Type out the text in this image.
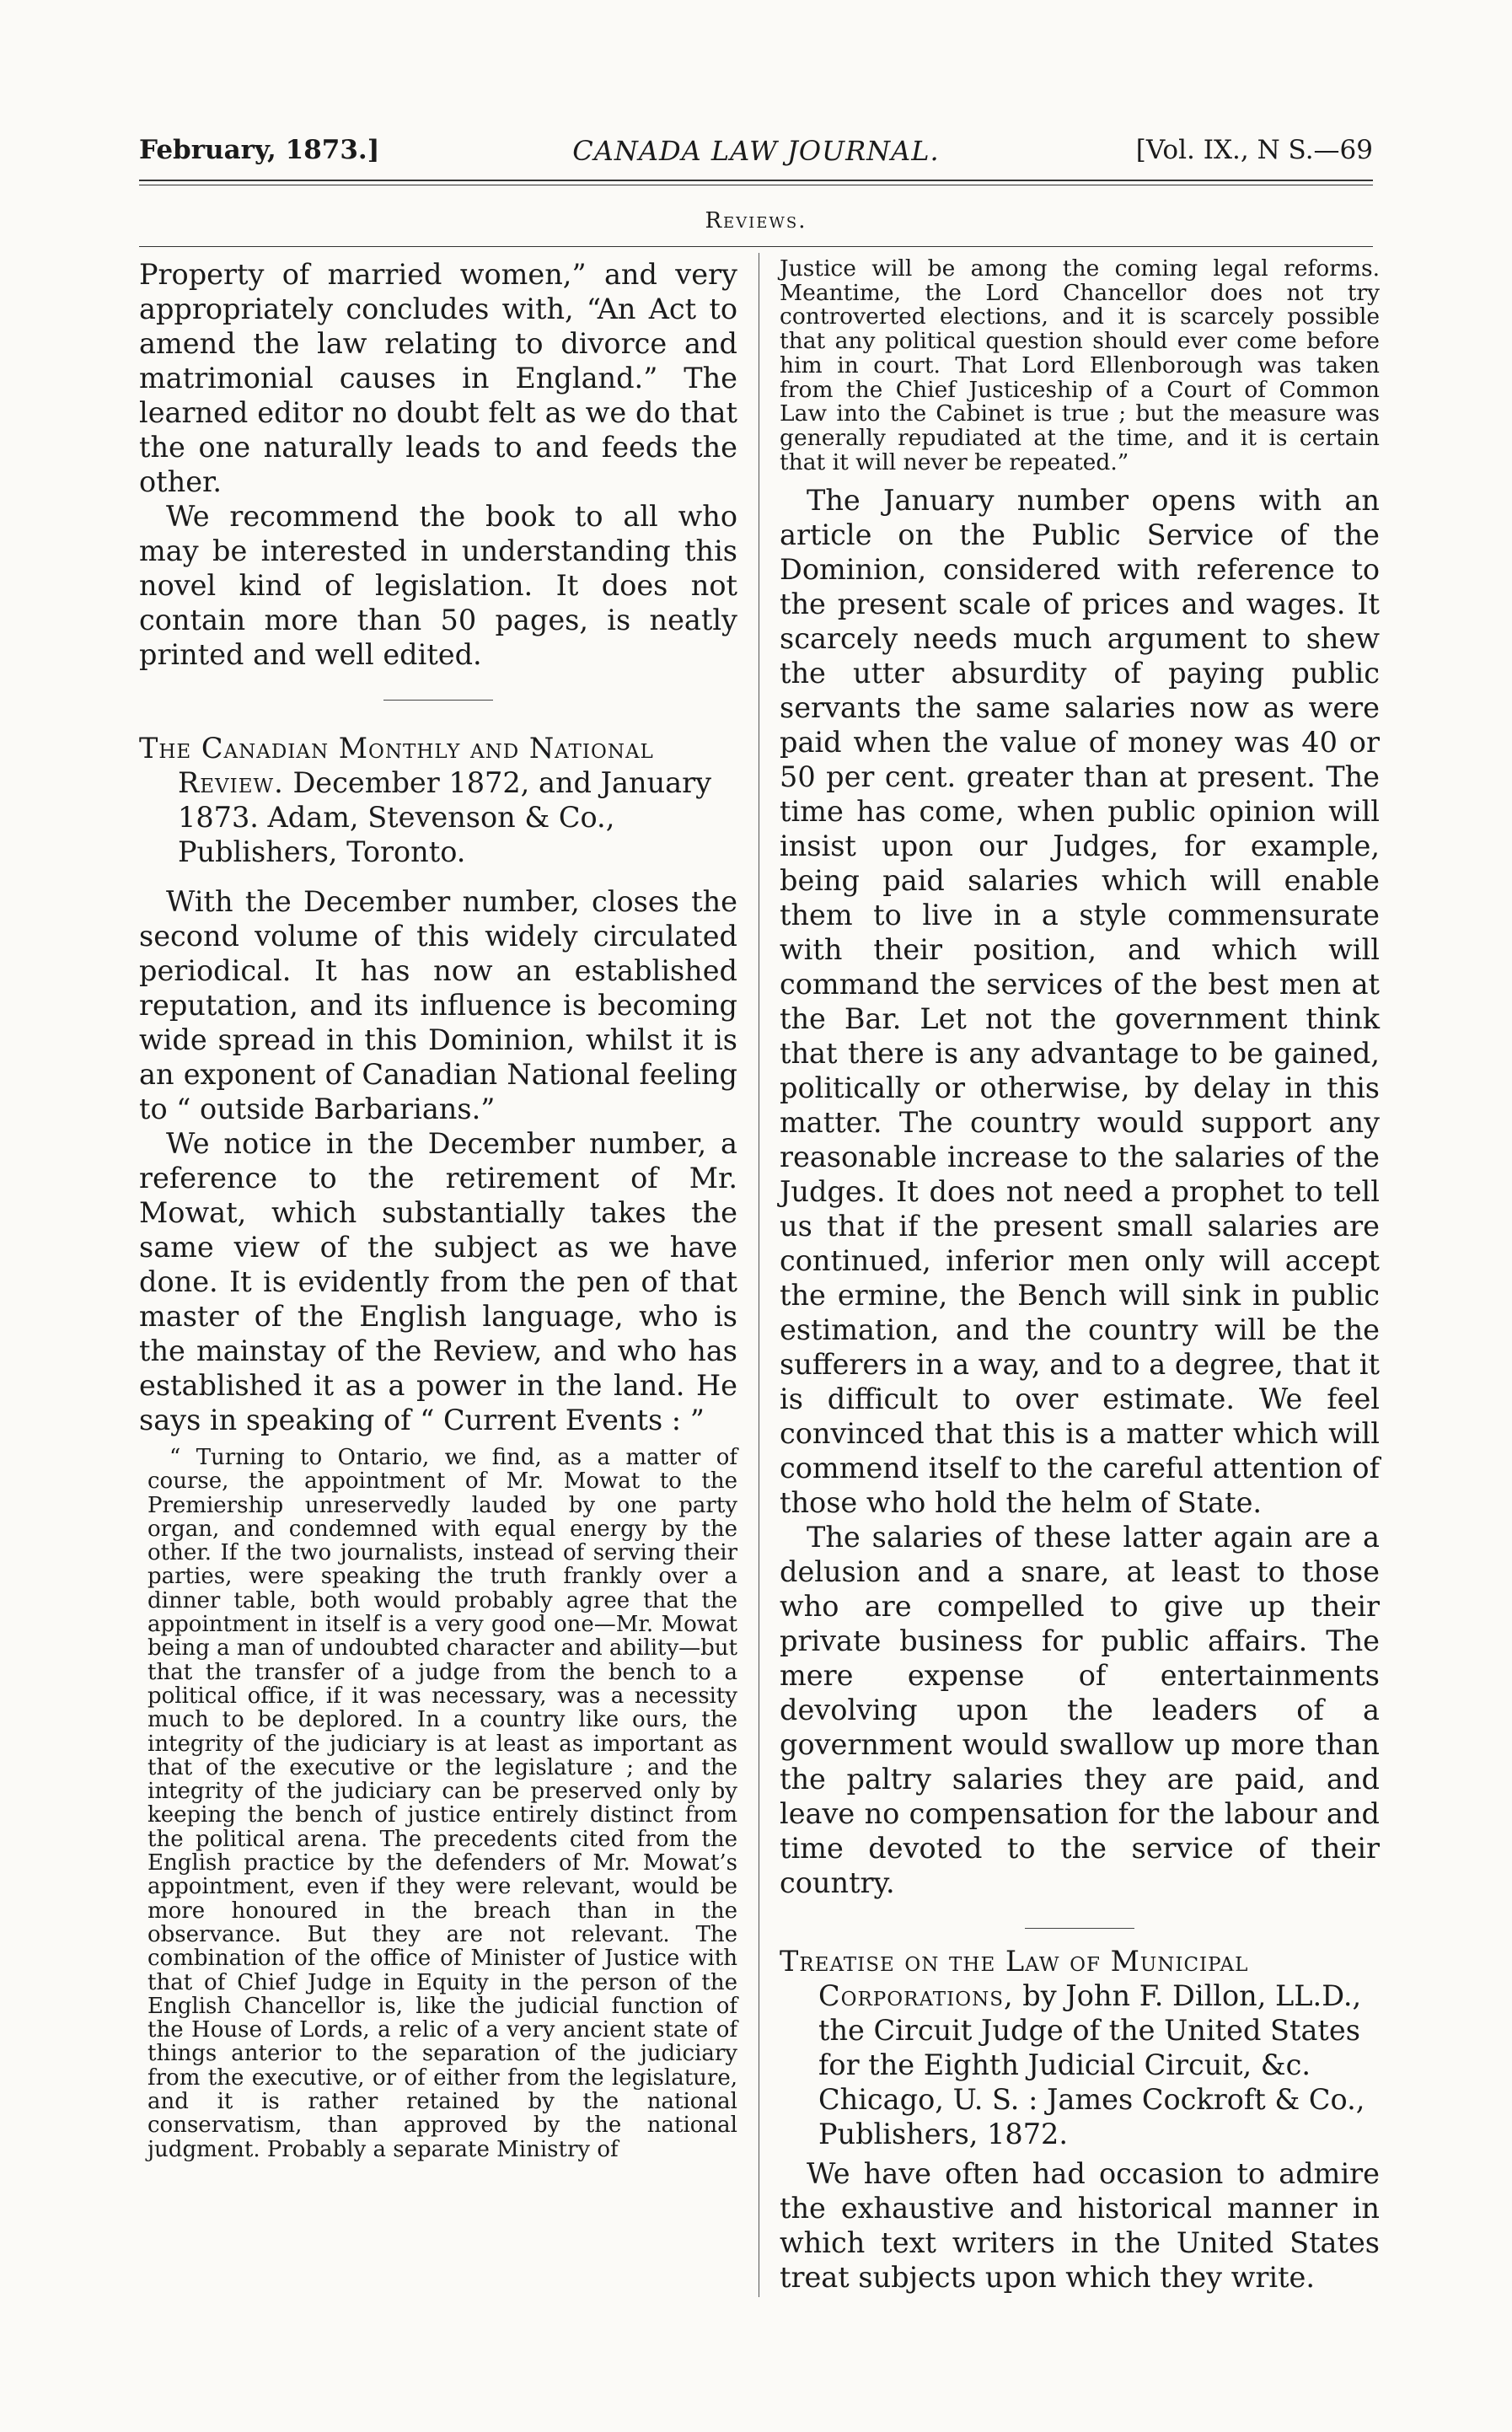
February, 1873.]	CANADA LAW JOURNAL.	[Vol. IX., N S.—69
Reviews.

Property of married women,” and very appropriately concludes with, “An Act to amend the law relating to divorce and matrimonial causes in England.” The learned editor no doubt felt as we do that the one naturally leads to and feeds the other.

We recommend the book to all who may be interested in understanding this novel kind of legislation. It does not contain more than 50 pages, is neatly printed and well edited.

The Canadian Monthly and National Review. December 1872, and January 1873. Adam, Stevenson & Co., Publishers, Toronto.

With the December number, closes the second volume of this widely circulated periodical. It has now an established reputation, and its influence is becoming wide spread in this Dominion, whilst it is an exponent of Canadian National feeling to “ outside Barbarians.”

We notice in the December number, a reference to the retirement of Mr. Mowat, which substantially takes the same view of the subject as we have done. It is evidently from the pen of that master of the English language, who is the mainstay of the Review, and who has established it as a power in the land. He says in speaking of “ Current Events : ”

“ Turning to Ontario, we find, as a matter of course, the appointment of Mr. Mowat to the Premiership unreservedly lauded by one party organ, and condemned with equal energy by the other. If the two journalists, instead of serving their parties, were speaking the truth frankly over a dinner table, both would probably agree that the appointment in itself is a very good one—Mr. Mowat being a man of undoubted character and ability—but that the transfer of a judge from the bench to a political office, if it was necessary, was a necessity much to be deplored. In a country like ours, the integrity of the judiciary is at least as important as that of the executive or the legislature ; and the integrity of the judiciary can be preserved only by keeping the bench of justice entirely distinct from the political arena. The precedents cited from the English practice by the defenders of Mr. Mowat’s appointment, even if they were relevant, would be more honoured in the breach than in the observance. But they are not relevant. The combination of the office of Minister of Justice with that of Chief Judge in Equity in the person of the English Chancellor is, like the judicial function of the House of Lords, a relic of a very ancient state of things anterior to the separation of the judiciary from the executive, or of either from the legislature, and it is rather retained by the national conservatism, than approved by the national judgment. Probably a separate Ministry of

Justice will be among the coming legal reforms. Meantime, the Lord Chancellor does not try controverted elections, and it is scarcely possible that any political question should ever come before him in court. That Lord Ellenborough was taken from the Chief Justiceship of a Court of Common Law into the Cabinet is true ; but the measure was generally repudiated at the time, and it is certain that it will never be repeated.”

The January number opens with an article on the Public Service of the Dominion, considered with reference to the present scale of prices and wages. It scarcely needs much argument to shew the utter absurdity of paying public servants the same salaries now as were paid when the value of money was 40 or 50 per cent. greater than at present. The time has come, when public opinion will insist upon our Judges, for example, being paid salaries which will enable them to live in a style commensurate with their position, and which will command the services of the best men at the Bar. Let not the government think that there is any advantage to be gained, politically or otherwise, by delay in this matter. The country would support any reasonable increase to the salaries of the Judges. It does not need a prophet to tell us that if the present small salaries are continued, inferior men only will accept the ermine, the Bench will sink in public estimation, and the country will be the sufferers in a way, and to a degree, that it is difficult to over estimate. We feel convinced that this is a matter which will commend itself to the careful attention of those who hold the helm of State.

The salaries of these latter again are a delusion and a snare, at least to those who are compelled to give up their private business for public affairs. The mere expense of entertainments devolving upon the leaders of a government would swallow up more than the paltry salaries they are paid, and leave no compensation for the labour and time devoted to the service of their country.

Treatise on the Law of Municipal Corporations, by John F. Dillon, LL.D., the Circuit Judge of the United States for the Eighth Judicial Circuit, &c. Chicago, U. S. : James Cockroft & Co., Publishers, 1872.

We have often had occasion to admire the exhaustive and historical manner in which text writers in the United States treat subjects upon which they write.
